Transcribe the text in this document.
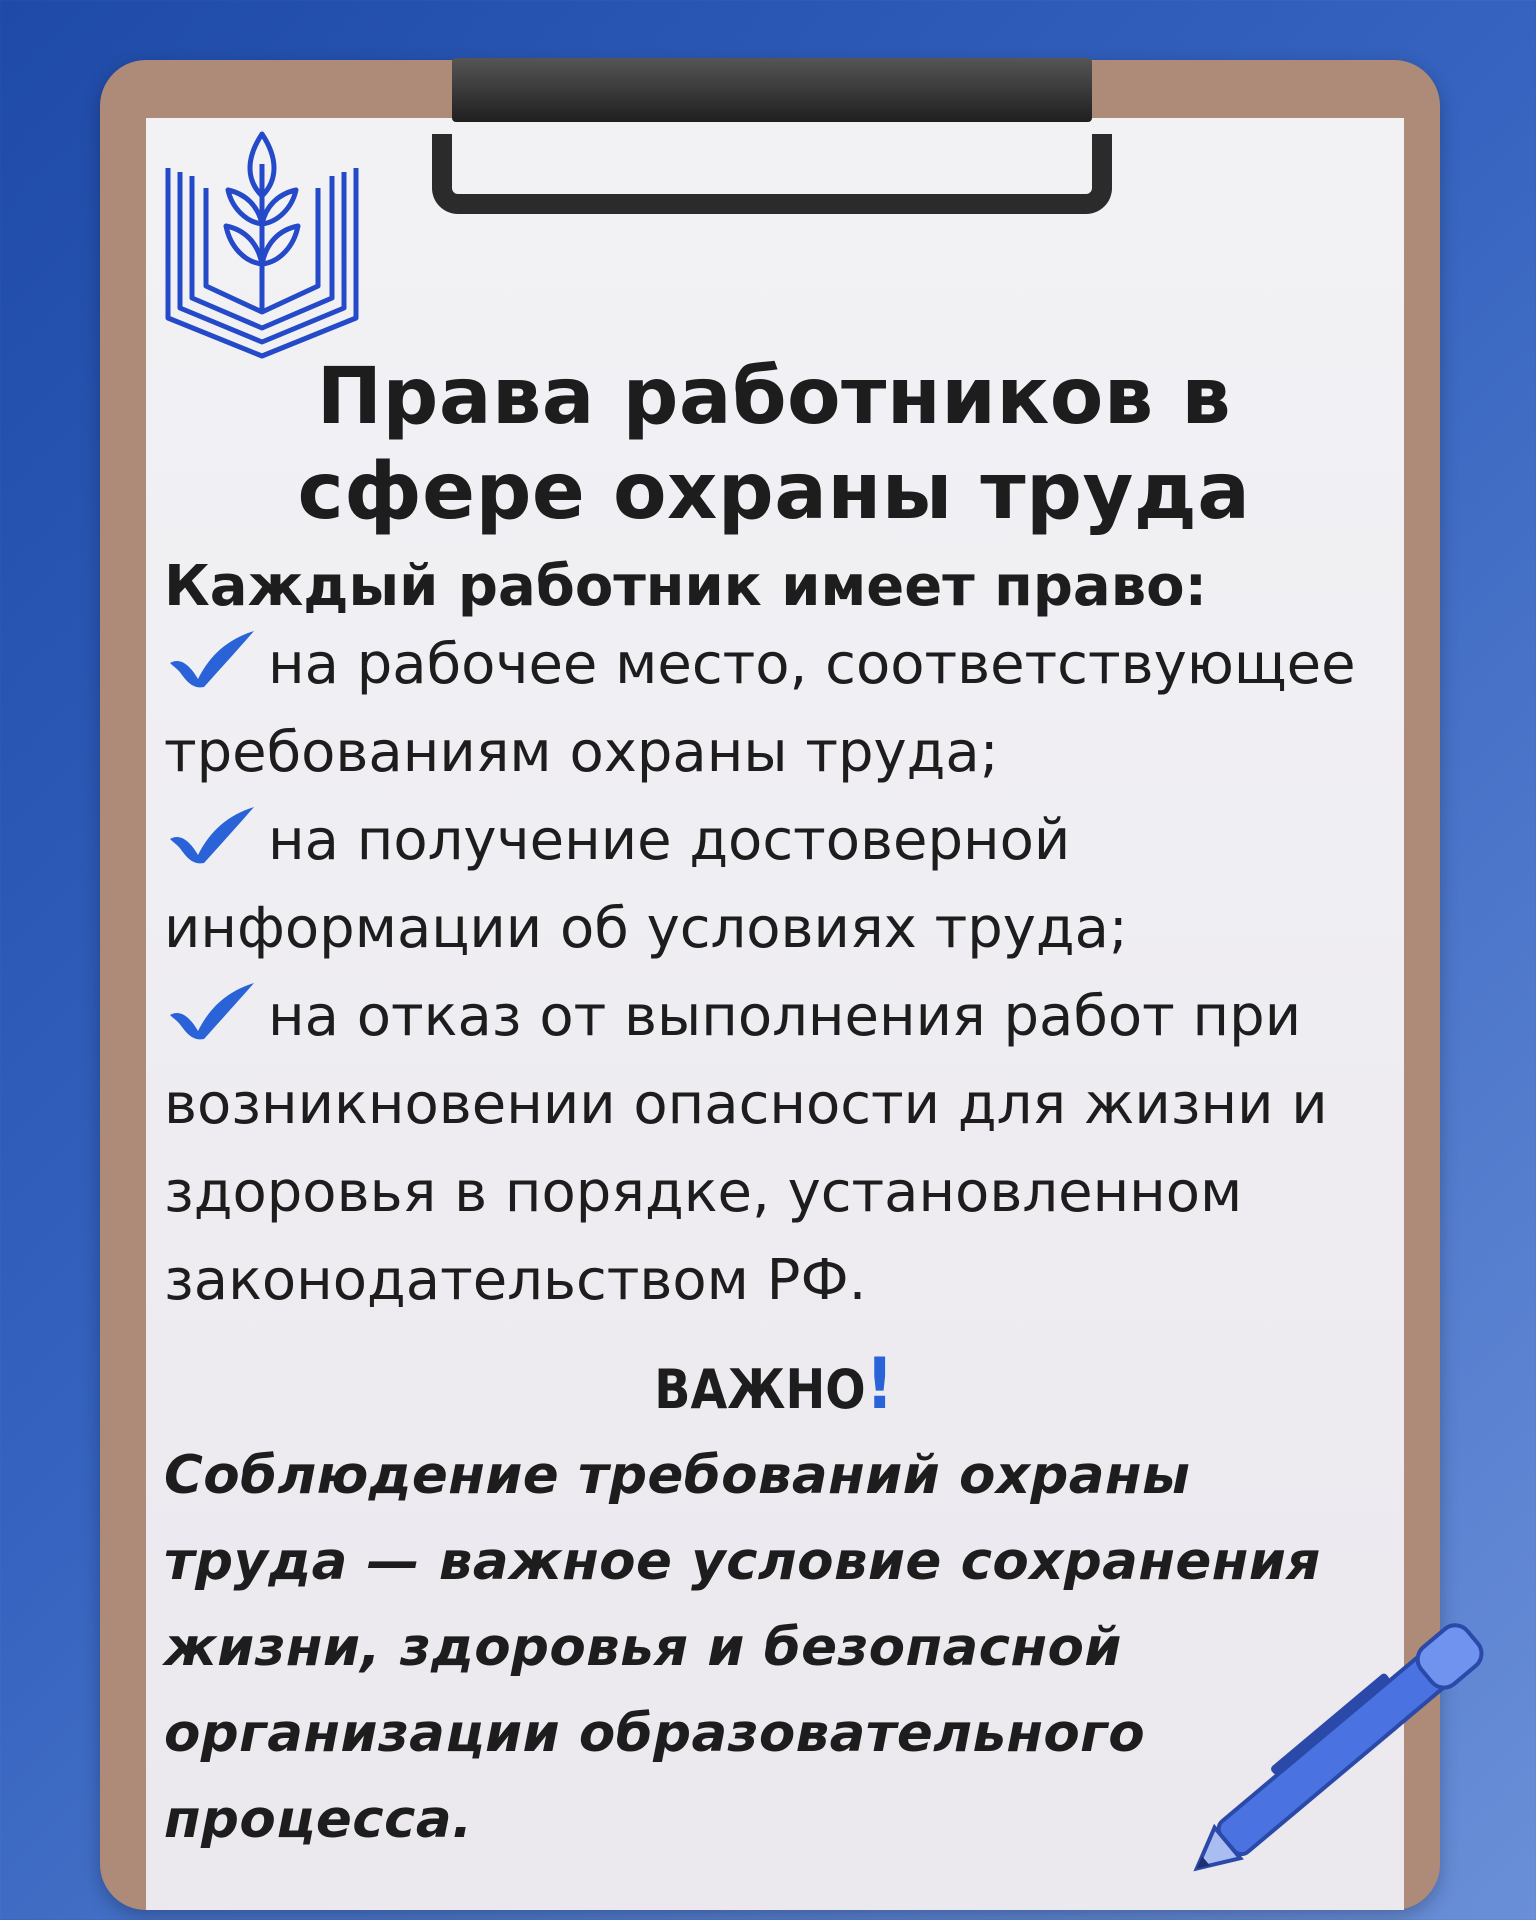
Права работников в сфере охраны труда
Каждый работник имеет право:
на рабочее место, соответствующее требованиям охраны труда;
на получение достоверной информации об условиях труда;
на отказ от выполнения работ при возникновении опасности для жизни и здоровья в порядке, установленном законодательством РФ.
ВАЖНО!
Соблюдение требований охраны труда — важное условие сохранения жизни, здоровья и безопасной организации образовательного процесса.
